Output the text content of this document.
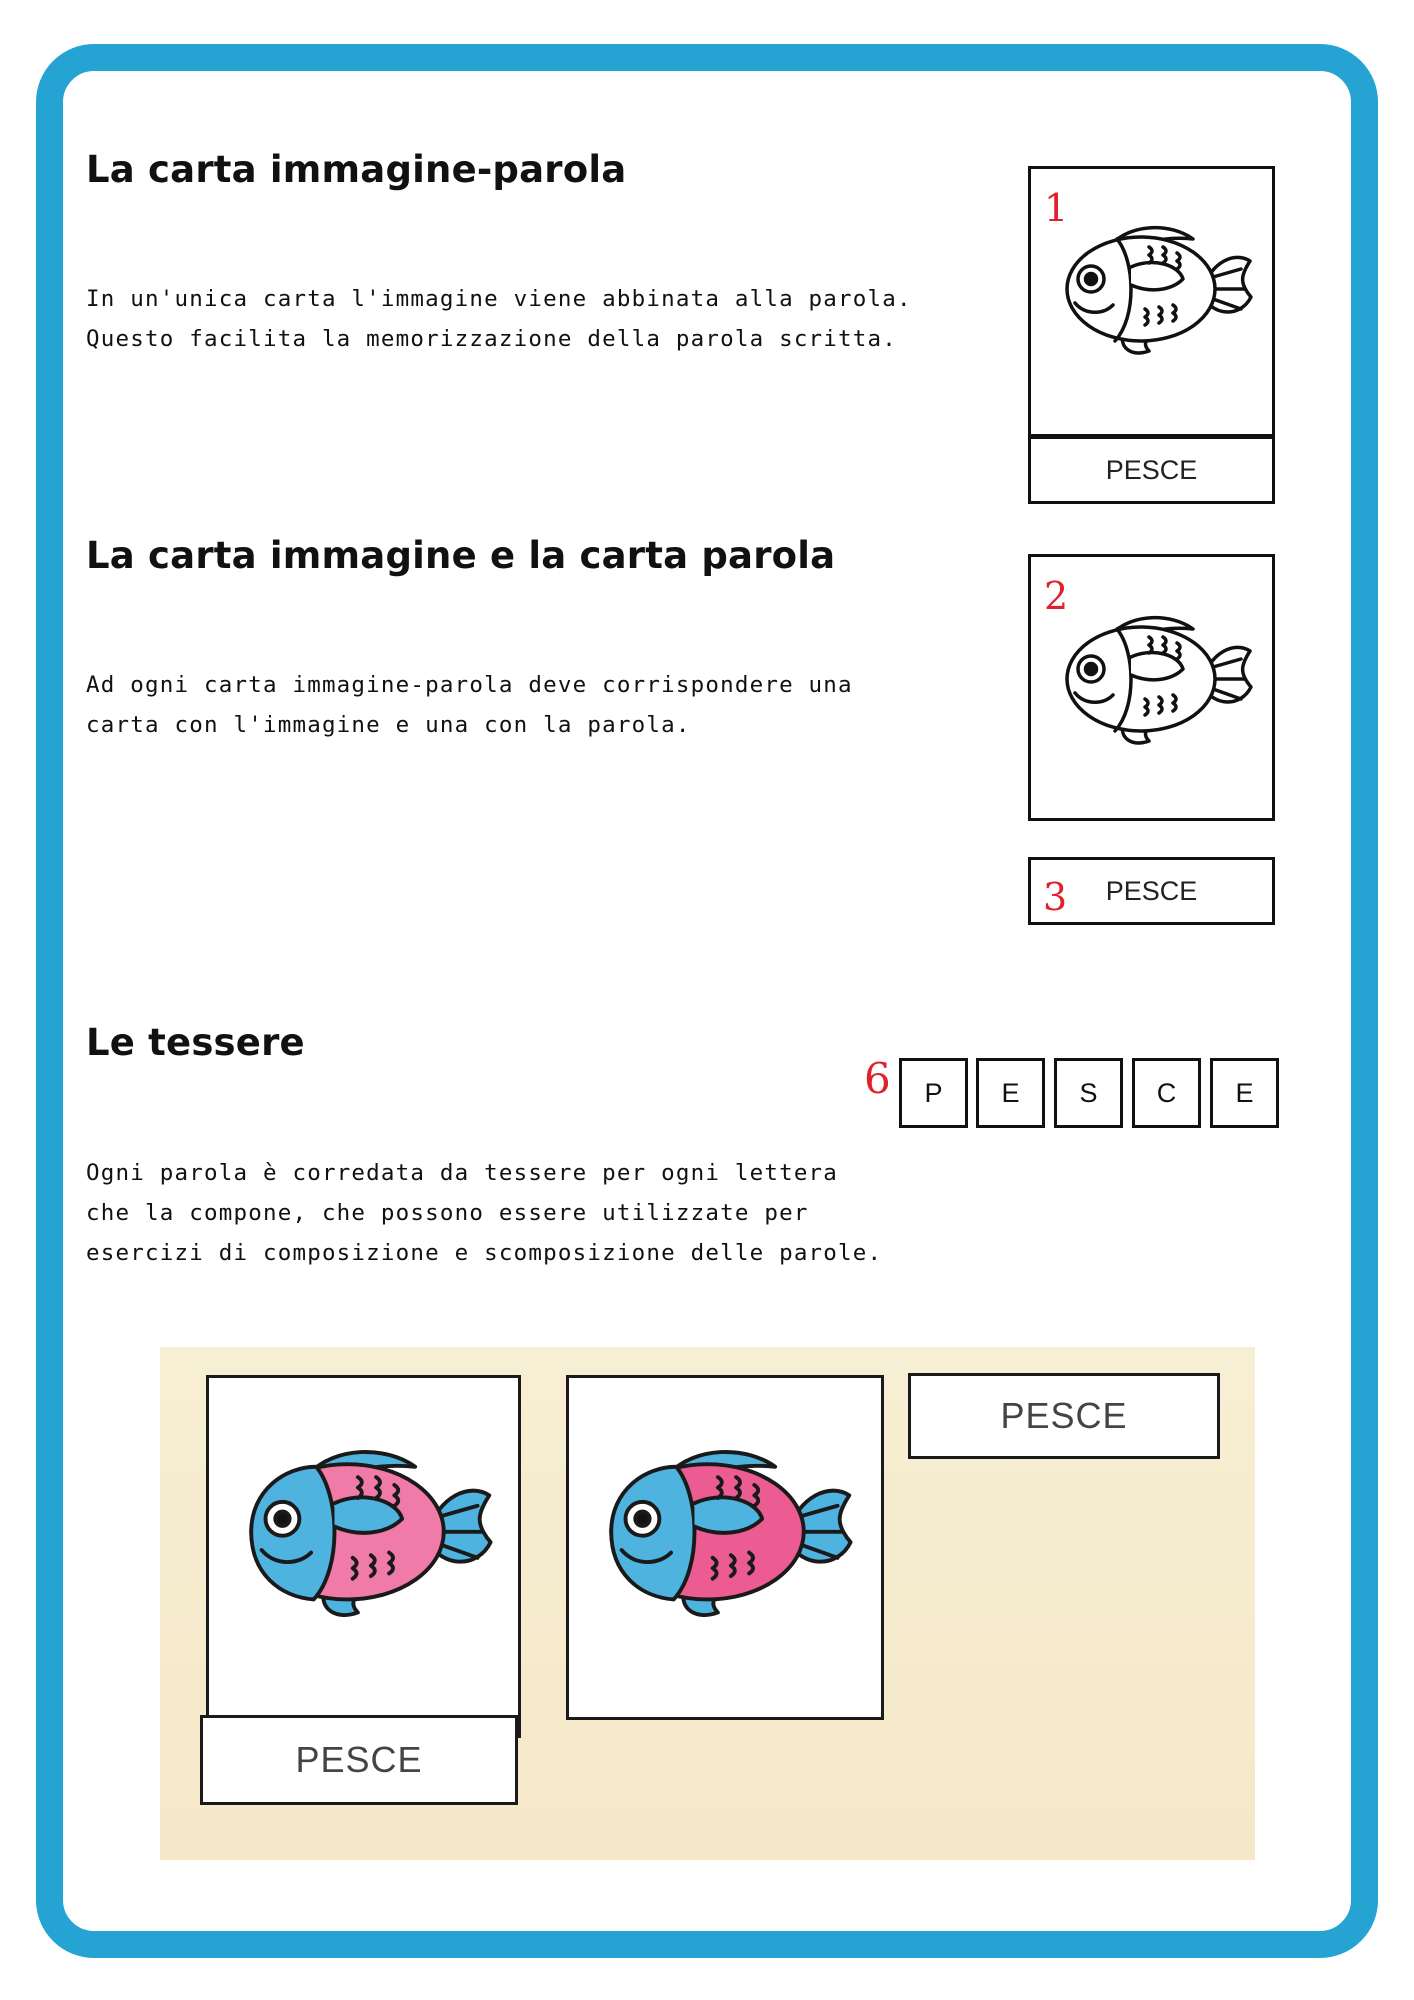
La carta immagine-parola

In un'unica carta l'immagine viene abbinata alla parola.
Questo facilita la memorizzazione della parola scritta.

1
PESCE
La carta immagine e la carta parola

Ad ogni carta immagine-parola deve corrispondere una
carta con l'immagine e una con la parola.

2
3 PESCE
Le tessere
6	P	E	S	C	E

Ogni parola è corredata da tessere per ogni lettera
che la compone, che possono essere utilizzate per
esercizi di composizione e scomposizione delle parole.

PESCE
PESCE
